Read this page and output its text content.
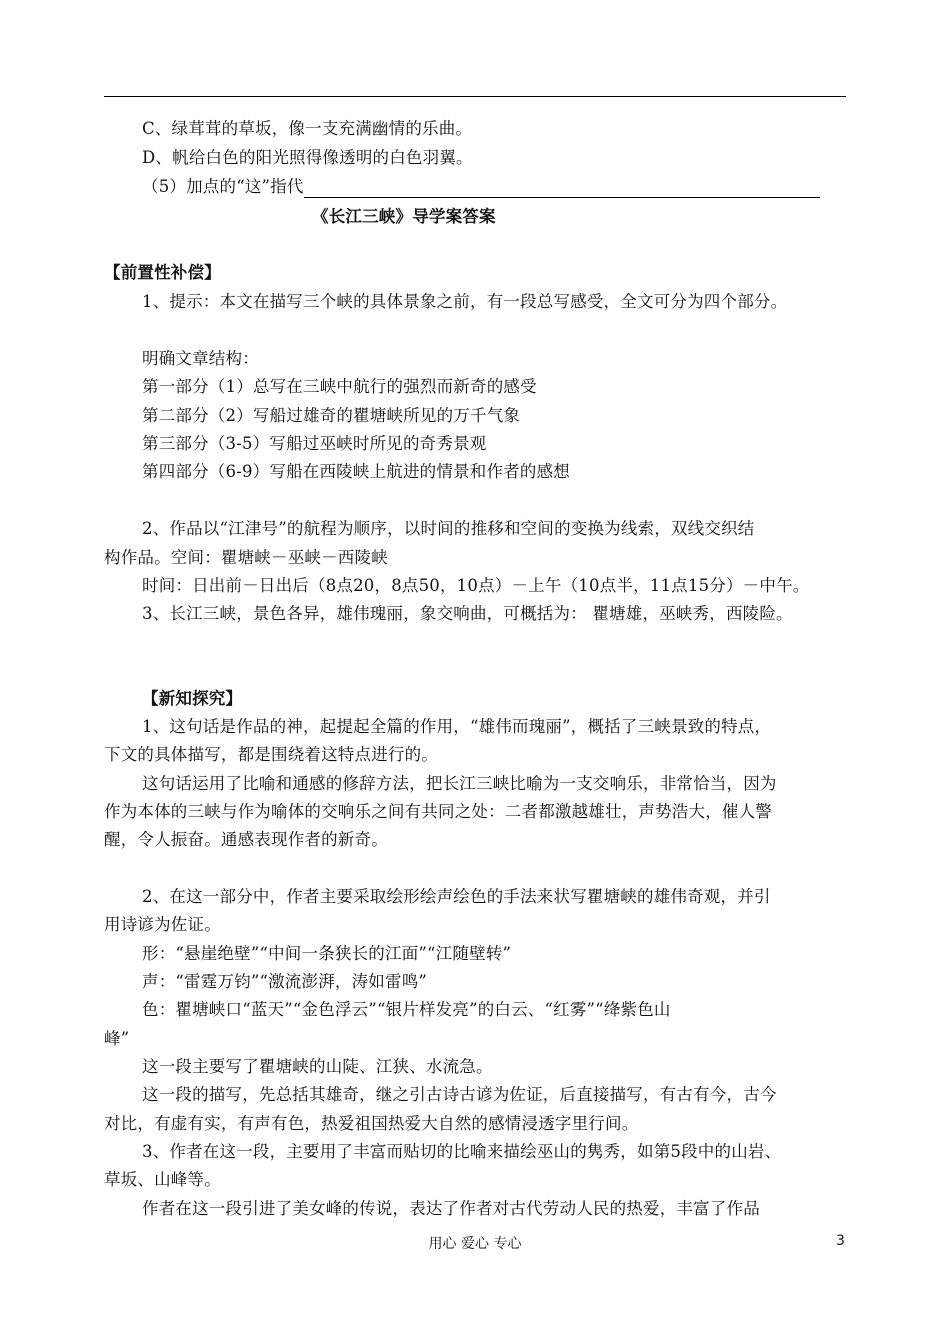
C、绿茸茸的草坂，像一支充满幽情的乐曲。
D、帆给白色的阳光照得像透明的白色羽翼。
（5）加点的“这”指代
《长江三峡》导学案答案
【前置性补偿】
1、提示：本文在描写三个峡的具体景象之前，有一段总写感受，全文可分为四个部分。
明确文章结构：
第一部分（1）总写在三峡中航行的强烈而新奇的感受
第二部分（2）写船过雄奇的瞿塘峡所见的万千气象
第三部分（3-5）写船过巫峡时所见的奇秀景观
第四部分（6-9）写船在西陵峡上航进的情景和作者的感想
2、作品以“江津号”的航程为顺序，以时间的推移和空间的变换为线索，双线交织结
构作品。空间：瞿塘峡－巫峡－西陵峡
时间：日出前－日出后（8点20，8点50，10点）－上午（10点半，11点15分）－中午。
3、长江三峡，景色各异，雄伟瑰丽，象交响曲，可概括为： 瞿塘雄，巫峡秀，西陵险。
【新知探究】
1、这句话是作品的神，起提起全篇的作用，“雄伟而瑰丽”，概括了三峡景致的特点，
下文的具体描写，都是围绕着这特点进行的。
这句话运用了比喻和通感的修辞方法，把长江三峡比喻为一支交响乐，非常恰当，因为
作为本体的三峡与作为喻体的交响乐之间有共同之处：二者都激越雄壮，声势浩大，催人警
醒，令人振奋。通感表现作者的新奇。
2、在这一部分中，作者主要采取绘形绘声绘色的手法来状写瞿塘峡的雄伟奇观，并引
用诗谚为佐证。
形：“悬崖绝壁”“中间一条狭长的江面”“江随壁转”
声：“雷霆万钧”“激流澎湃，涛如雷鸣”
色：瞿塘峡口“蓝天”“金色浮云”“银片样发亮”的白云、“红雾”“绛紫色山
峰”
这一段主要写了瞿塘峡的山陡、江狭、水流急。
这一段的描写，先总括其雄奇，继之引古诗古谚为佐证，后直接描写，有古有今，古今
对比，有虚有实，有声有色，热爱祖国热爱大自然的感情浸透字里行间。
3、作者在这一段，主要用了丰富而贴切的比喻来描绘巫山的隽秀，如第5段中的山岩、
草坂、山峰等。
作者在这一段引进了美女峰的传说，表达了作者对古代劳动人民的热爱，丰富了作品
用心 爱心 专心	3
